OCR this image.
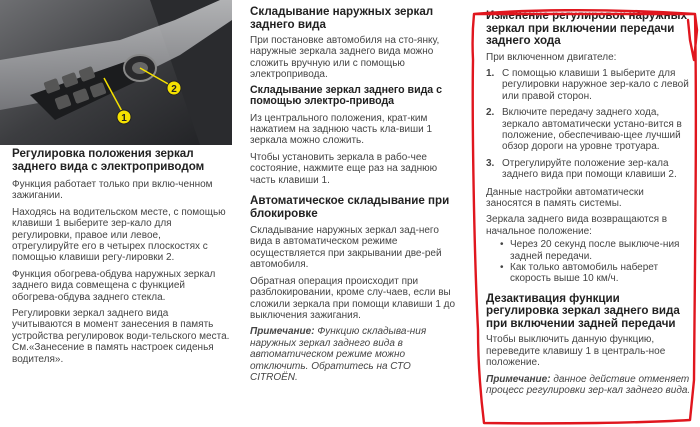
1
2
Регулировка положения зеркал заднего вида с электроприводом

Функция работает только при вклю-ченном зажигании.

Находясь на водительском месте, с помощью клавиши 1 выберите зер-кало для регулировки, правое или левое, отрегулируйте его в четырех плоскостях с помощью клавиши регу-лировки 2.

Функция обогрева-обдува наружных зеркал заднего вида совмещена с функцией обогрева-обдува заднего стекла.

Регулировки зеркал заднего вида учитываются в момент занесения в память устройства регулировок води-тельского места. См.«Занесение в память настроек сиденья водителя».

Складывание наружных зеркал заднего вида

При постановке автомобиля на сто-янку, наружные зеркала заднего вида можно сложить вручную или с помощью электропривода.

Складывание зеркал заднего вида с помощью электро-привода

Из центрального положения, крат-ким нажатием на заднюю часть кла-виши 1 зеркала можно сложить.

Чтобы установить зеркала в рабо-чее состояние, нажмите еще раз на заднюю часть клавиши 1.

Автоматическое складывание при блокировке

Складывание наружных зеркал зад-него вида в автоматическом режиме осуществляется при закрывании две-рей автомобиля.

Обратная операция происходит при разблокировании, кроме слу-чаев, если вы сложили зеркала при помощи клавиши 1 до выключения зажигания.

Примечание: Функцию складыва-ния наружных зеркал заднего вида в автоматическом режиме можно отключить. Обратитесь на СТО CITROËN.

Изменение регулировок наружных зеркал при включении передачи заднего хода

При включенном двигателе:

1. С помощью клавиши 1 выберите для регулировки наружное зер-кало с левой или правой сторон.
2. Включите передачу заднего хода, зеркало автоматически устано-вится в положение, обеспечиваю-щее лучший обзор дороги на уровне тротуара.
3. Отрегулируйте положение зер-кала заднего вида при помощи клавиши 2.

Данные настройки автоматически заносятся в память системы.

Зеркала заднего вида возвращаются в начальное положение:

• Через 20 секунд после выключе-ния задней передачи.
• Как только автомобиль наберет скорость выше 10 км/ч.
Дезактивация функции регулировка зеркал заднего вида при включении задней передачи

Чтобы выключить данную функцию, переведите клавишу 1 в централь-ное положение.

Примечание: данное действие отменяет процесс регулировки зер-кал заднего вида.
